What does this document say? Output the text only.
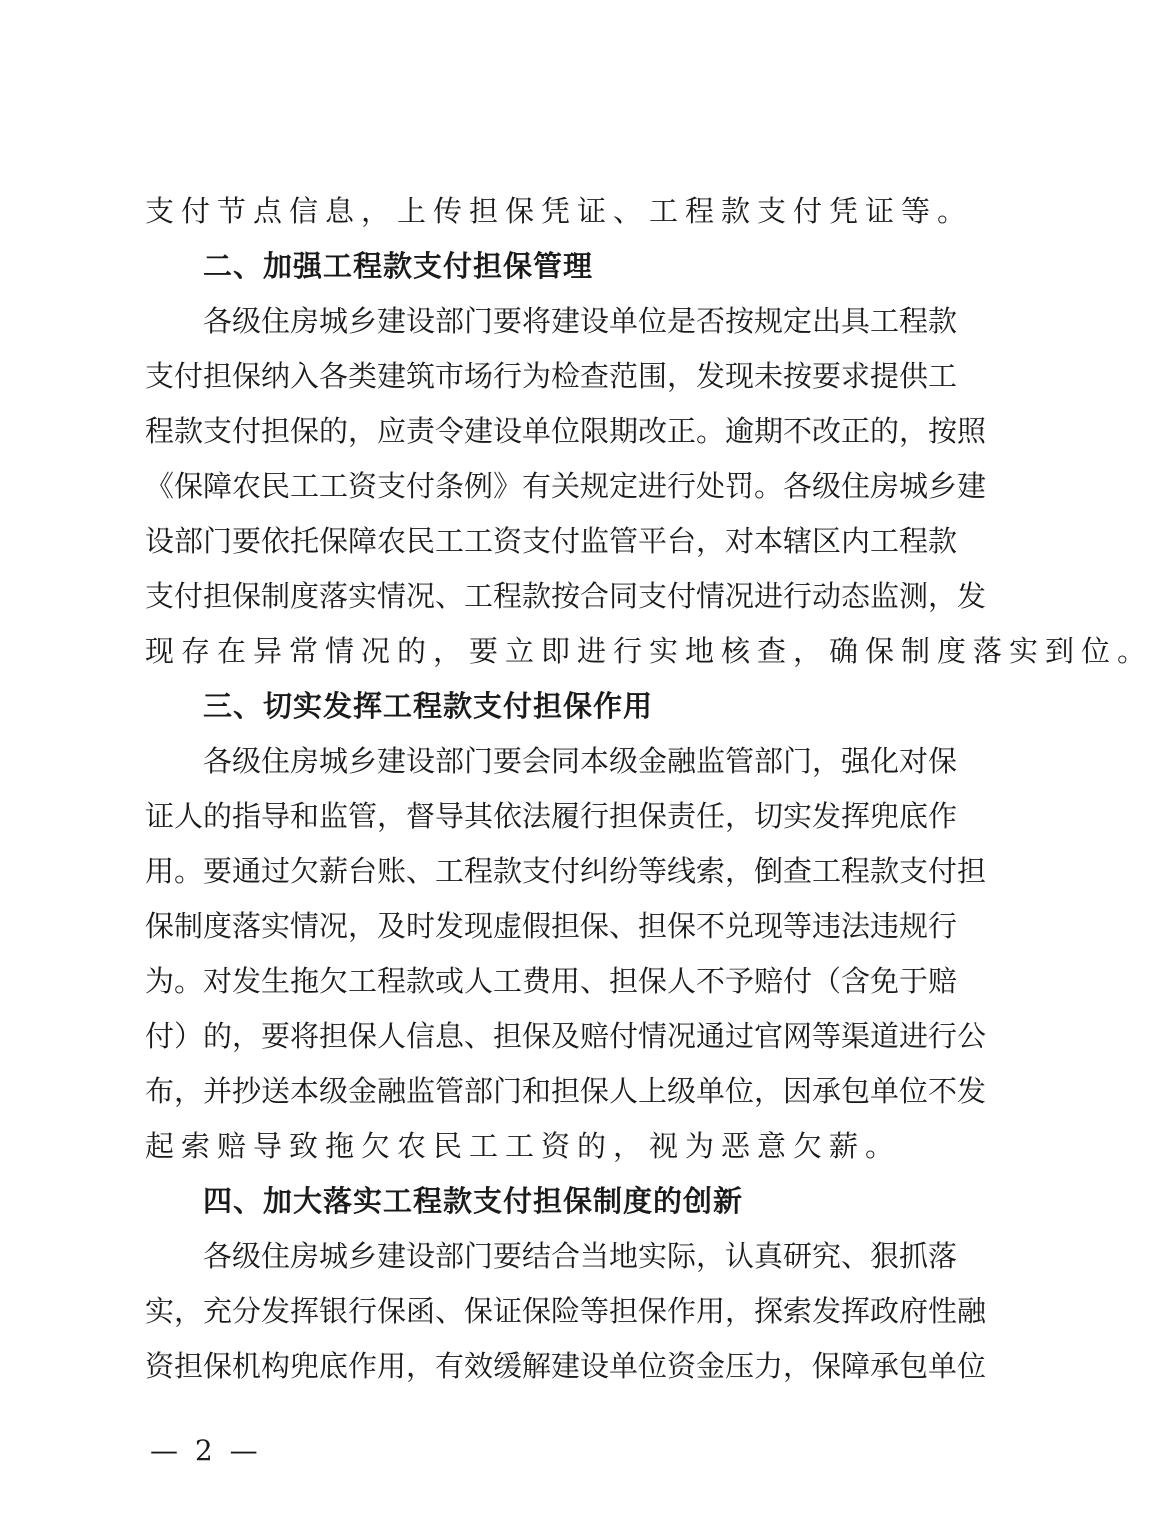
支付节点信息，上传担保凭证、工程款支付凭证等。
二、加强工程款支付担保管理
各级住房城乡建设部门要将建设单位是否按规定出具工程款
支付担保纳入各类建筑市场行为检查范围，发现未按要求提供工
程款支付担保的，应责令建设单位限期改正。逾期不改正的，按照
《保障农民工工资支付条例》有关规定进行处罚。各级住房城乡建
设部门要依托保障农民工工资支付监管平台，对本辖区内工程款
支付担保制度落实情况、工程款按合同支付情况进行动态监测，发
现存在异常情况的，要立即进行实地核查，确保制度落实到位。
三、切实发挥工程款支付担保作用
各级住房城乡建设部门要会同本级金融监管部门，强化对保
证人的指导和监管，督导其依法履行担保责任，切实发挥兜底作
用。要通过欠薪台账、工程款支付纠纷等线索，倒查工程款支付担
保制度落实情况，及时发现虚假担保、担保不兑现等违法违规行
为。对发生拖欠工程款或人工费用、担保人不予赔付（含免于赔
付）的，要将担保人信息、担保及赔付情况通过官网等渠道进行公
布，并抄送本级金融监管部门和担保人上级单位，因承包单位不发
起索赔导致拖欠农民工工资的，视为恶意欠薪。
四、加大落实工程款支付担保制度的创新
各级住房城乡建设部门要结合当地实际，认真研究、狠抓落
实，充分发挥银行保函、保证保险等担保作用，探索发挥政府性融
资担保机构兜底作用，有效缓解建设单位资金压力，保障承包单位
— 2 —
